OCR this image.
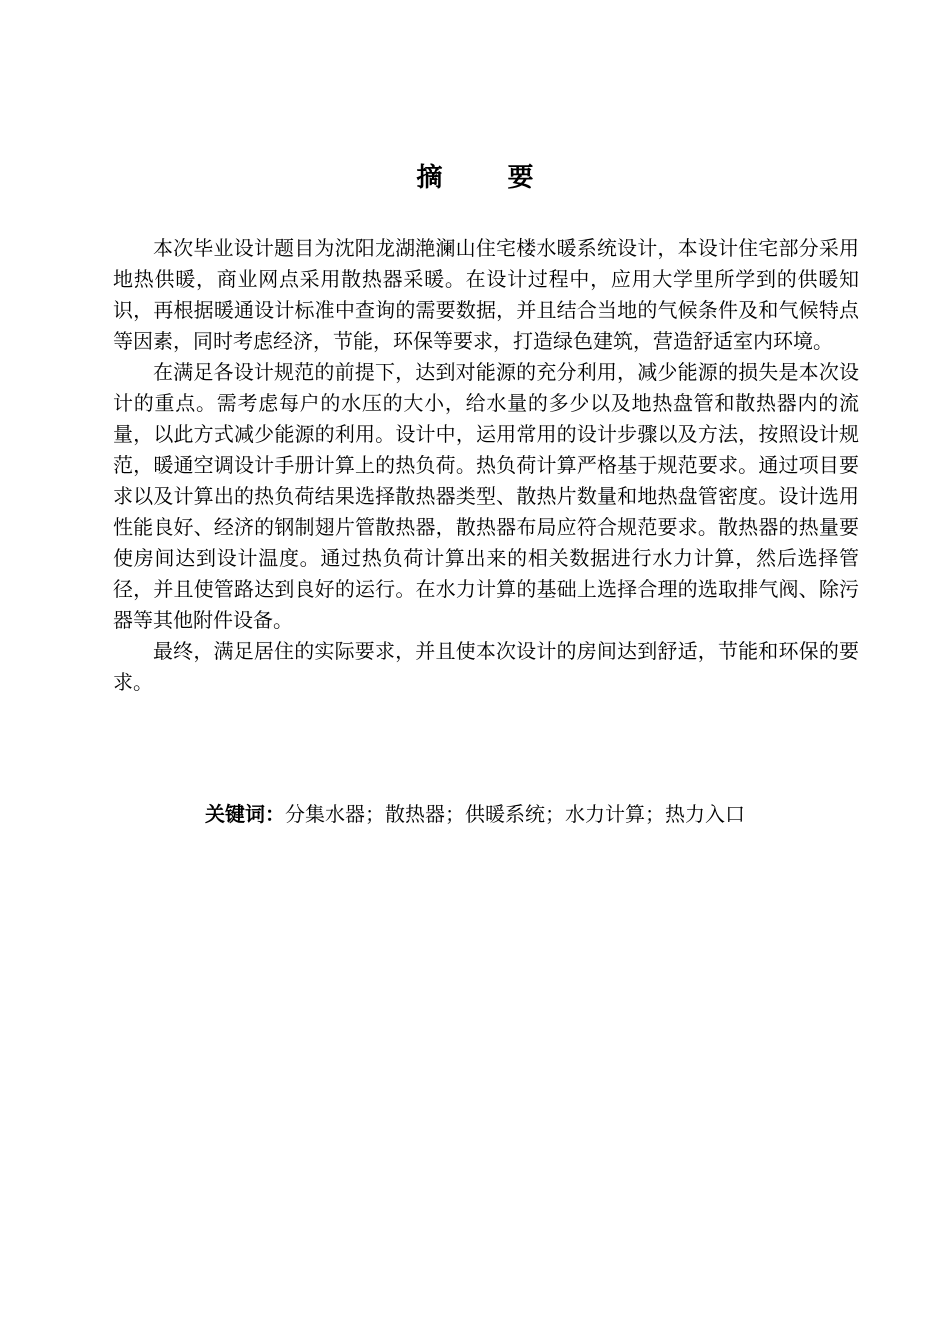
摘 要

本次毕业设计题目为沈阳龙湖滟澜山住宅楼水暖系统设计，本设计住宅部分采用地热供暖，商业网点采用散热器采暖。在设计过程中，应用大学里所学到的供暖知识，再根据暖通设计标准中查询的需要数据，并且结合当地的气候条件及和气候特点等因素，同时考虑经济，节能，环保等要求，打造绿色建筑，营造舒适室内环境。

在满足各设计规范的前提下，达到对能源的充分利用，减少能源的损失是本次设计的重点。需考虑每户的水压的大小，给水量的多少以及地热盘管和散热器内的流量，以此方式减少能源的利用。设计中，运用常用的设计步骤以及方法，按照设计规范，暖通空调设计手册计算上的热负荷。热负荷计算严格基于规范要求。通过项目要求以及计算出的热负荷结果选择散热器类型、散热片数量和地热盘管密度。设计选用性能良好、经济的钢制翅片管散热器，散热器布局应符合规范要求。散热器的热量要使房间达到设计温度。通过热负荷计算出来的相关数据进行水力计算，然后选择管径，并且使管路达到良好的运行。在水力计算的基础上选择合理的选取排气阀、除污器等其他附件设备。

最终，满足居住的实际要求，并且使本次设计的房间达到舒适，节能和环保的要求。

关键词：分集水器；散热器；供暖系统；水力计算；热力入口
